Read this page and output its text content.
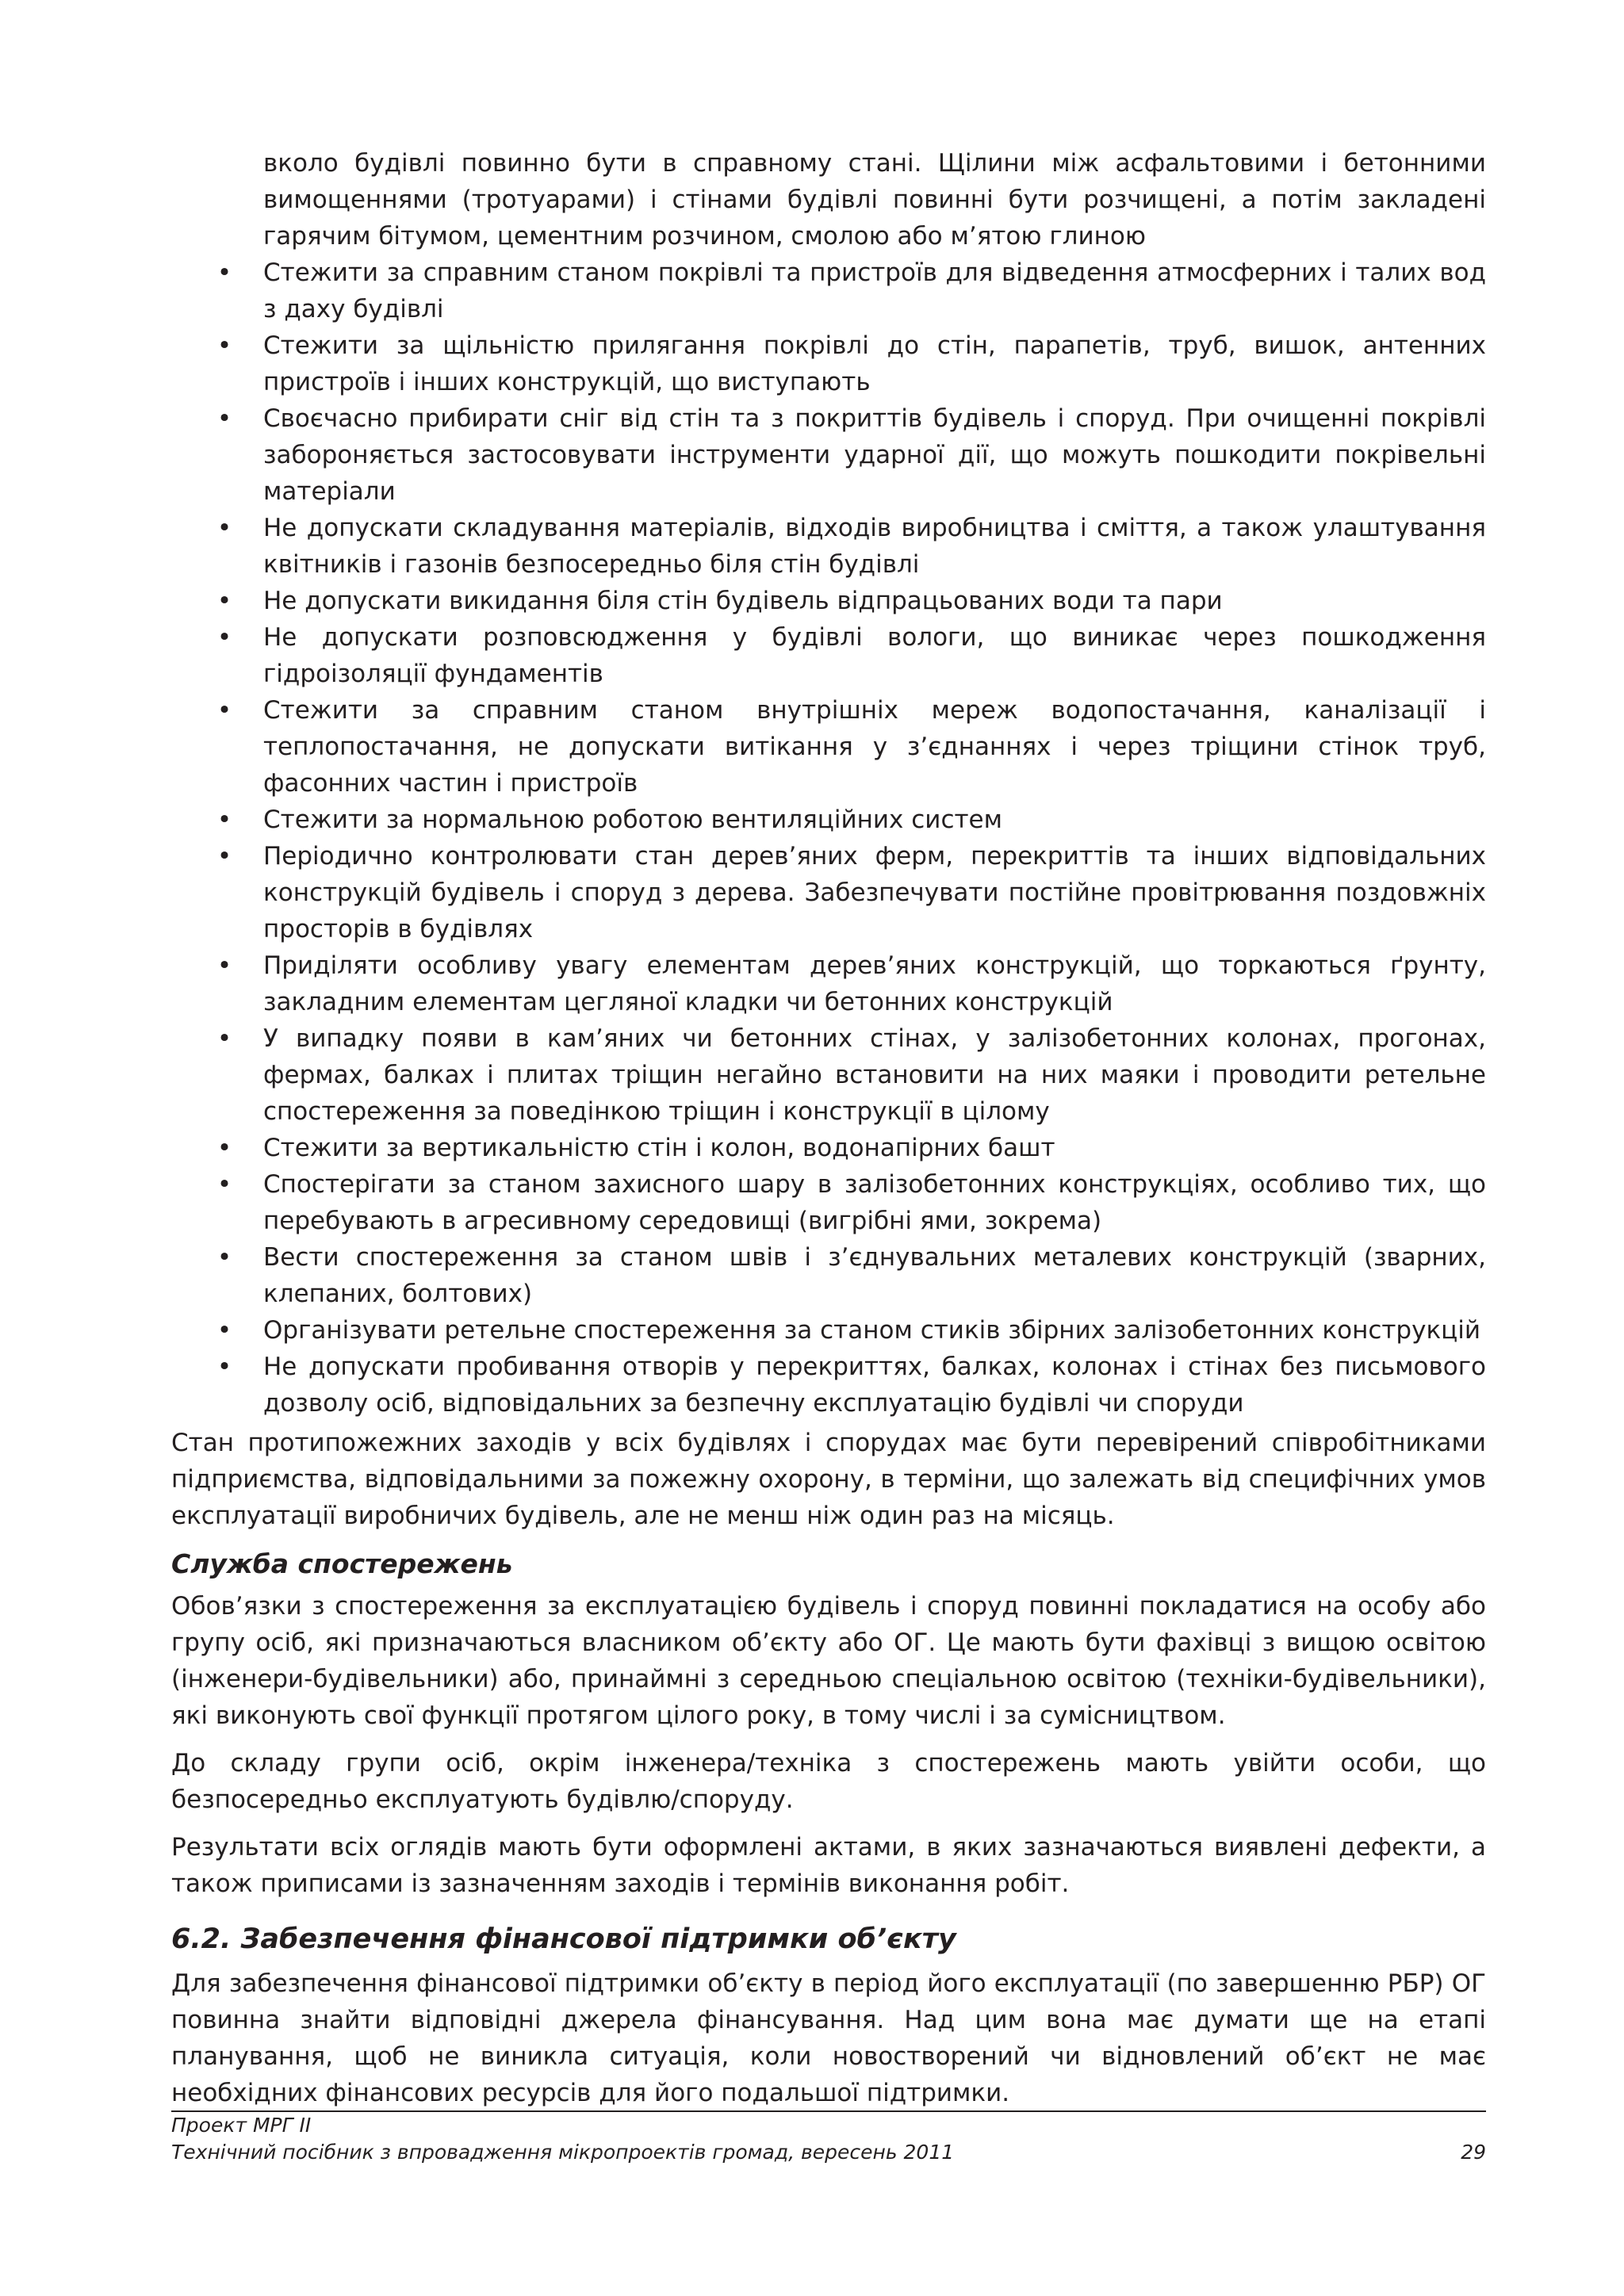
вколо будівлі повинно бути в справному стані. Щілини між асфальтовими і бетонними вимощеннями (тротуарами) і стінами будівлі повинні бути розчищені, а потім закладені гарячим бітумом, цементним розчином, смолою або м’ятою глиною

• Стежити за справним станом покрівлі та пристроїв для відведення атмосферних і талих вод з даху будівлі
• Стежити за щільністю прилягання покрівлі до стін, парапетів, труб, вишок, антенних пристроїв і інших конструкцій, що виступають
• Своєчасно прибирати сніг від стін та з покриттів будівель і споруд. При очищенні покрівлі забороняється застосовувати інструменти ударної дії, що можуть пошкодити покрівельні матеріали
• Не допускати складування матеріалів, відходів виробництва і сміття, а також улаштування квітників і газонів безпосередньо біля стін будівлі
• Не допускати викидання біля стін будівель відпрацьованих води та пари
• Не допускати розповсюдження у будівлі вологи, що виникає через пошкодження гідроізоляції фундаментів
• Стежити за справним станом внутрішніх мереж водопостачання, каналізації і теплопостачання, не допускати витікання у з’єднаннях і через тріщини стінок труб, фасонних частин і пристроїв
• Стежити за нормальною роботою вентиляційних систем
• Періодично контролювати стан дерев’яних ферм, перекриттів та інших відповідальних конструкцій будівель і споруд з дерева. Забезпечувати постійне провітрювання поздовжніх просторів в будівлях
• Приділяти особливу увагу елементам дерев’яних конструкцій, що торкаються ґрунту, закладним елементам цегляної кладки чи бетонних конструкцій
• У випадку появи в кам’яних чи бетонних стінах, у залізобетонних колонах, прогонах, фермах, балках і плитах тріщин негайно встановити на них маяки і проводити ретельне спостереження за поведінкою тріщин і конструкції в цілому
• Стежити за вертикальністю стін і колон, водонапірних башт
• Спостерігати за станом захисного шару в залізобетонних конструкціях, особливо тих, що перебувають в агресивному середовищі (вигрібні ями, зокрема)
• Вести спостереження за станом швів і з’єднувальних металевих конструкцій (зварних, клепаних, болтових)
• Організувати ретельне спостереження за станом стиків збірних залізобетонних конструкцій
• Не допускати пробивання отворів у перекриттях, балках, колонах і стінах без письмового дозволу осіб, відповідальних за безпечну експлуатацію будівлі чи споруди

Стан протипожежних заходів у всіх будівлях і спорудах має бути перевірений співробітниками підприємства, відповідальними за пожежну охорону, в терміни, що залежать від специфічних умов експлуатації виробничих будівель, але не менш ніж один раз на місяць.

Служба спостережень

Обов’язки з спостереження за експлуатацією будівель і споруд повинні покладатися на особу або групу осіб, які призначаються власником об’єкту або ОГ. Це мають бути фахівці з вищою освітою (інженери-будівельники) або, принаймні з середньою спеціальною освітою (техніки-будівельники), які виконують свої функції протягом цілого року, в тому числі і за сумісництвом.

До складу групи осіб, окрім інженера/техніка з спостережень мають увійти особи, що безпосередньо експлуатують будівлю/споруду.

Результати всіх оглядів мають бути оформлені актами, в яких зазначаються виявлені дефекти, а також приписами із зазначенням заходів і термінів виконання робіт.

6.2. Забезпечення фінансової підтримки об’єкту

Для забезпечення фінансової підтримки об’єкту в період його експлуатації (по завершенню РБР) ОГ повинна знайти відповідні джерела фінансування. Над цим вона має думати ще на етапі планування, щоб не виникла ситуація, коли новостворений чи відновлений об’єкт не має необхідних фінансових ресурсів для його подальшої підтримки.

Проект МРГ ІІ
Технічний посібник з впровадження мікропроектів громад, вересень 2011	29
